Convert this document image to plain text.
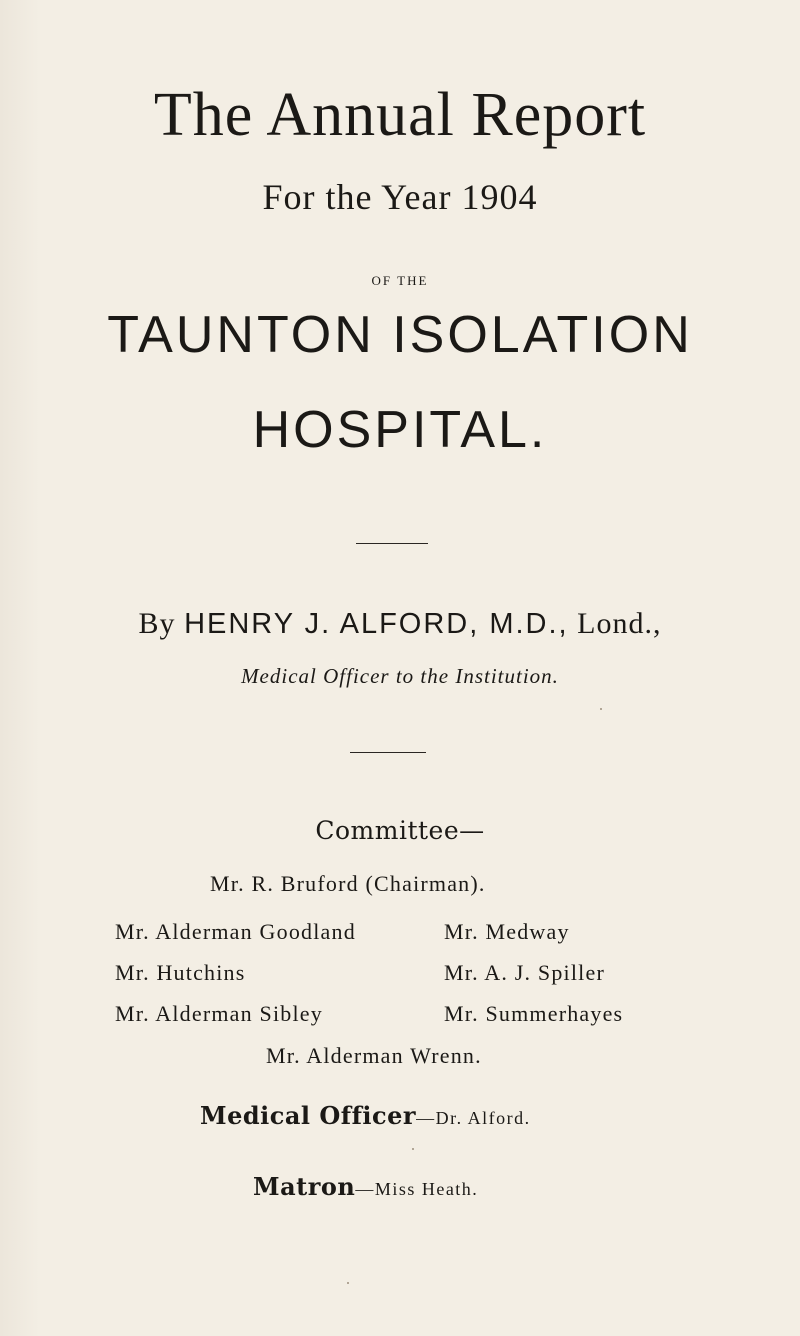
The Annual Report
For the Year 1904
OF THE
TAUNTON ISOLATION
HOSPITAL.
By HENRY J. ALFORD, M.D., Lond.,
Medical Officer to the Institution.
Committee—
Mr. R. Bruford (Chairman).
Mr. Alderman Goodland	Mr. Medway
Mr. Hutchins	Mr. A. J. Spiller
Mr. Alderman Sibley	Mr. Summerhayes
Mr. Alderman Wrenn.
Medical Officer—Dr. Alford.
Matron—Miss Heath.
